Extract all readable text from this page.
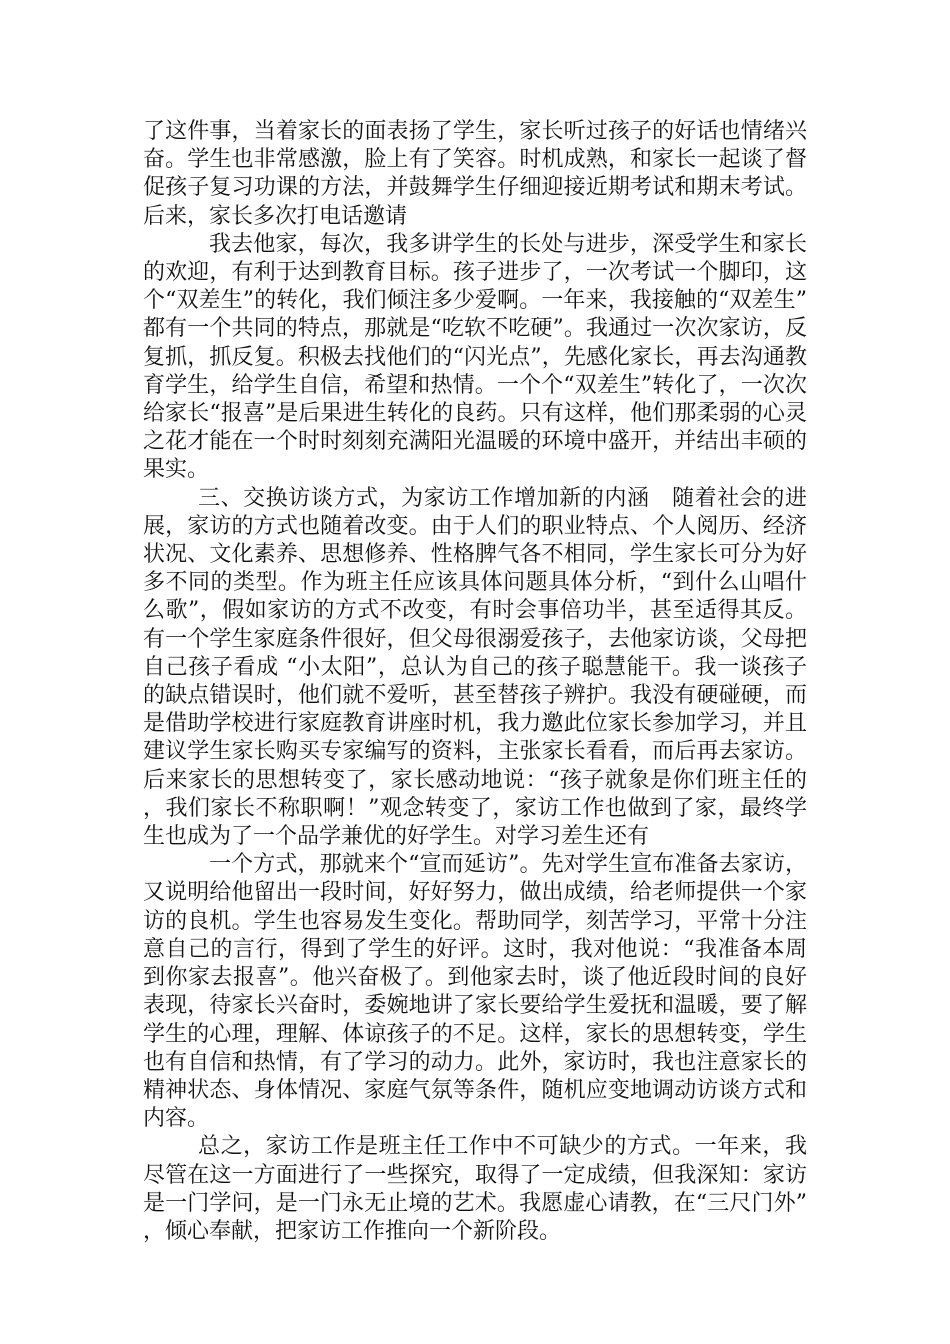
了这件事，当着家长的面表扬了学生，家长听过孩子的好话也情绪兴奋。学生也非常感激，脸上有了笑容。时机成熟，和家长一起谈了督促孩子复习功课的方法，并鼓舞学生仔细迎接近期考试和期末考试。后来，家长多次打电话邀请

我去他家，每次，我多讲学生的长处与进步，深受学生和家长的欢迎，有利于达到教育目标。孩子进步了，一次考试一个脚印，这个“双差生”的转化，我们倾注多少爱啊。一年来，我接触的“双差生”都有一个共同的特点，那就是“吃软不吃硬”。我通过一次次家访，反复抓，抓反复。积极去找他们的“闪光点”，先感化家长，再去沟通教育学生，给学生自信，希望和热情。一个个“双差生”转化了，一次次给家长“报喜”是后果进生转化的良药。只有这样，他们那柔弱的心灵之花才能在一个时时刻刻充满阳光温暖的环境中盛开，并结出丰硕的果实。

三、交换访谈方式，为家访工作增加新的内涵　随着社会的进展，家访的方式也随着改变。由于人们的职业特点、个人阅历、经济状况、文化素养、思想修养、性格脾气各不相同，学生家长可分为好多不同的类型。作为班主任应该具体问题具体分析，“到什么山唱什么歌”，假如家访的方式不改变，有时会事倍功半，甚至适得其反。有一个学生家庭条件很好，但父母很溺爱孩子，去他家访谈，父母把自己孩子看成 “小太阳”，总认为自己的孩子聪慧能干。我一谈孩子的缺点错误时，他们就不爱听，甚至替孩子辨护。我没有硬碰硬，而是借助学校进行家庭教育讲座时机，我力邀此位家长参加学习，并且建议学生家长购买专家编写的资料，主张家长看看，而后再去家访。后来家长的思想转变了，家长感动地说：“孩子就象是你们班主任的，我们家长不称职啊！”观念转变了，家访工作也做到了家，最终学生也成为了一个品学兼优的好学生。对学习差生还有

一个方式，那就来个“宣而延访”。先对学生宣布准备去家访，又说明给他留出一段时间，好好努力，做出成绩，给老师提供一个家访的良机。学生也容易发生变化。帮助同学，刻苦学习，平常十分注意自己的言行，得到了学生的好评。这时，我对他说：“我准备本周到你家去报喜”。他兴奋极了。到他家去时，谈了他近段时间的良好表现，待家长兴奋时，委婉地讲了家长要给学生爱抚和温暖，要了解学生的心理，理解、体谅孩子的不足。这样，家长的思想转变，学生也有自信和热情，有了学习的动力。此外，家访时，我也注意家长的精神状态、身体情况、家庭气氛等条件，随机应变地调动访谈方式和内容。

总之，家访工作是班主任工作中不可缺少的方式。一年来，我尽管在这一方面进行了一些探究，取得了一定成绩，但我深知：家访是一门学问，是一门永无止境的艺术。我愿虚心请教，在“三尺门外”，倾心奉献，把家访工作推向一个新阶段。
